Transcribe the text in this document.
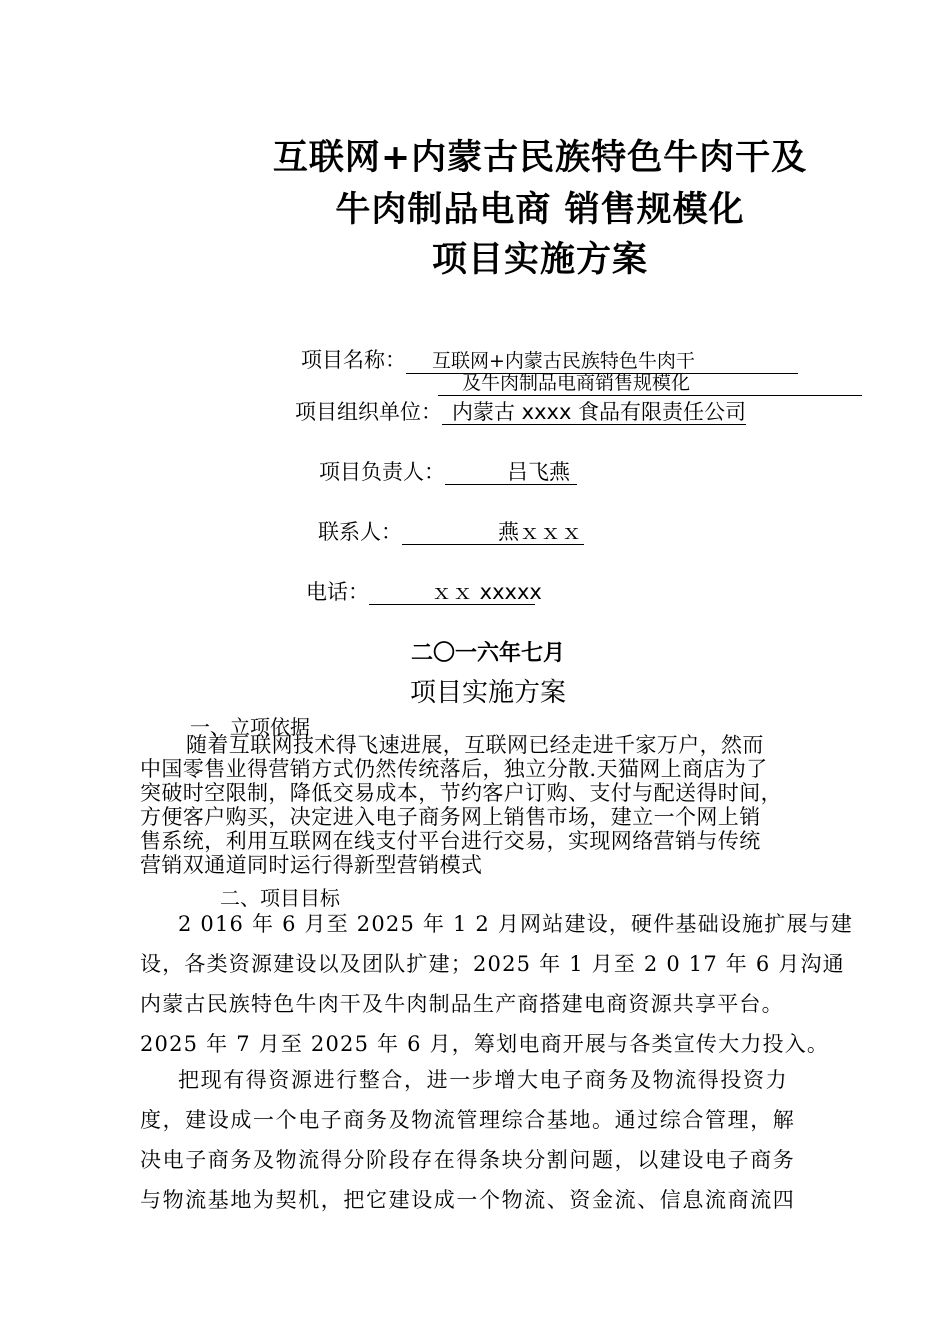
互联网+内蒙古民族特色牛肉干及
牛肉制品电商 销售规模化
项目实施方案
项目名称： 互联网+内蒙古民族特色牛肉干
及牛肉制品电商销售规模化
项目组织单位： 内蒙古 xxxx 食品有限责任公司
项目负责人：	吕飞燕
联系人：	燕ｘｘｘ
电话：	ｘｘ xxxxx
二〇一六年七月
项目实施方案
一、立项依据
随着互联网技术得飞速进展，互联网已经走进千家万户，然而
中国零售业得营销方式仍然传统落后，独立分散.天猫网上商店为了
突破时空限制，降低交易成本，节约客户订购、支付与配送得时间，
方便客户购买，决定进入电子商务网上销售市场，建立一个网上销
售系统，利用互联网在线支付平台进行交易，实现网络营销与传统
营销双通道同时运行得新型营销模式
二、项目目标
2 016 年 6 月至 2025 年 1 2 月网站建设，硬件基础设施扩展与建
设，各类资源建设以及团队扩建；2025 年 1 月至 2 0 17 年 6 月沟通
内蒙古民族特色牛肉干及牛肉制品生产商搭建电商资源共享平台。
2025 年 7 月至 2025 年 6 月，筹划电商开展与各类宣传大力投入。
把现有得资源进行整合，进一步增大电子商务及物流得投资力
度，建设成一个电子商务及物流管理综合基地。通过综合管理，解
决电子商务及物流得分阶段存在得条块分割问题，以建设电子商务
与物流基地为契机，把它建设成一个物流、资金流、信息流商流四
